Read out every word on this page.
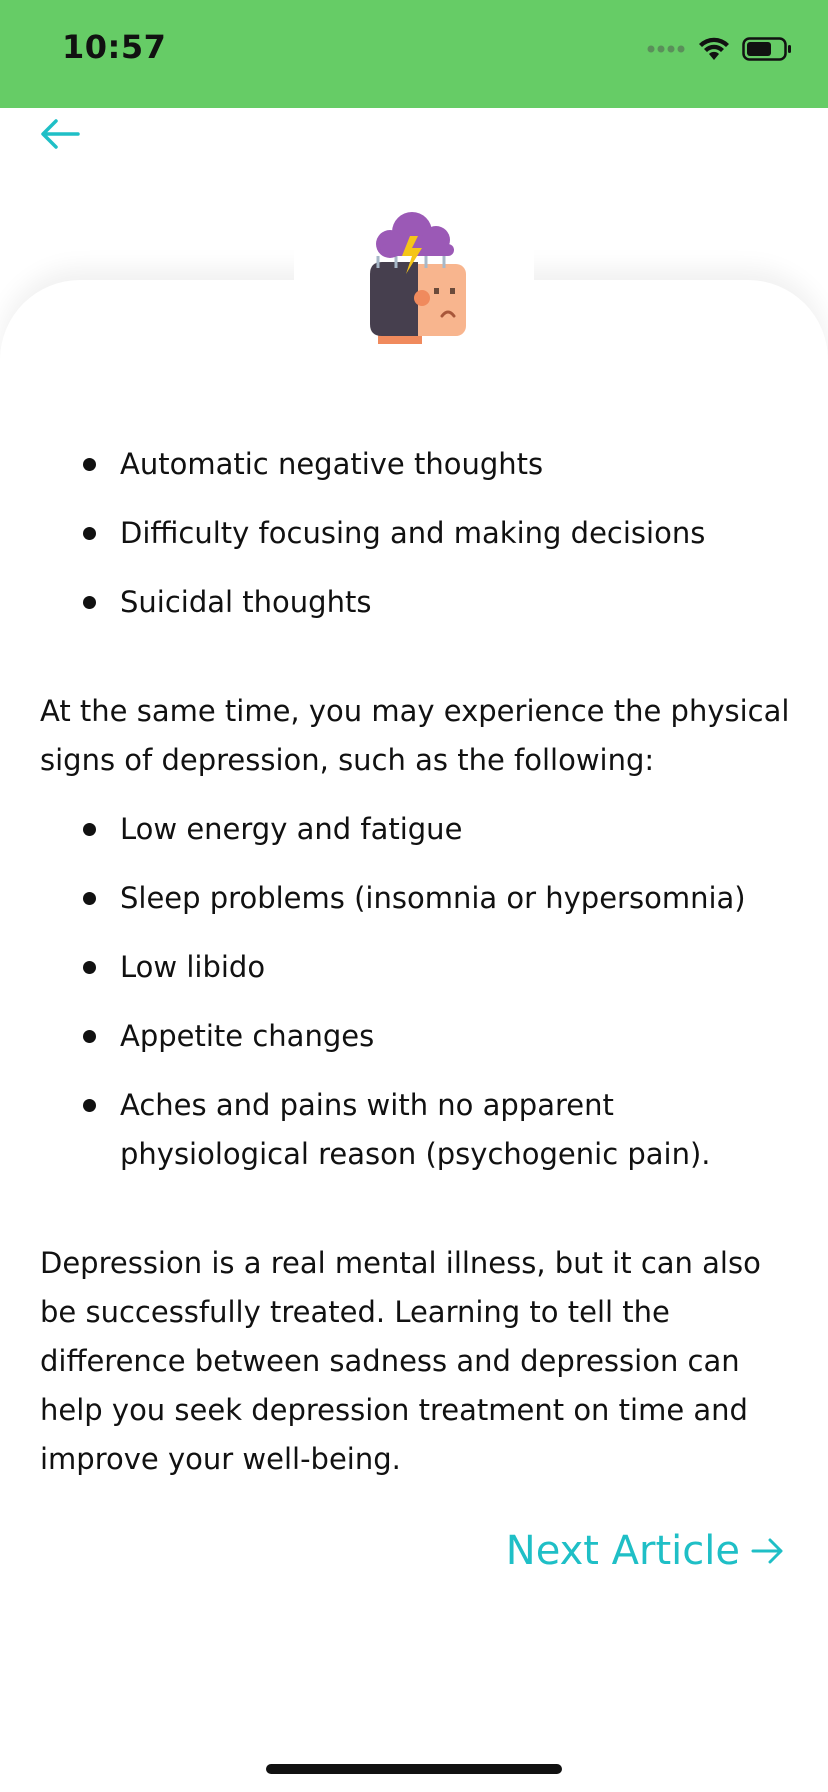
10:57
Automatic negative thoughts
Difficulty focusing and making decisions
Suicidal thoughts

At the same time, you may experience the physical signs of depression, such as the following:

Low energy and fatigue
Sleep problems (insomnia or hypersomnia)
Low libido
Appetite changes
Aches and pains with no apparent physiological reason (psychogenic pain).

Depression is a real mental illness, but it can also be successfully treated. Learning to tell the difference between sadness and depression can help you seek depression treatment on time and improve your well-being.

Next Article
